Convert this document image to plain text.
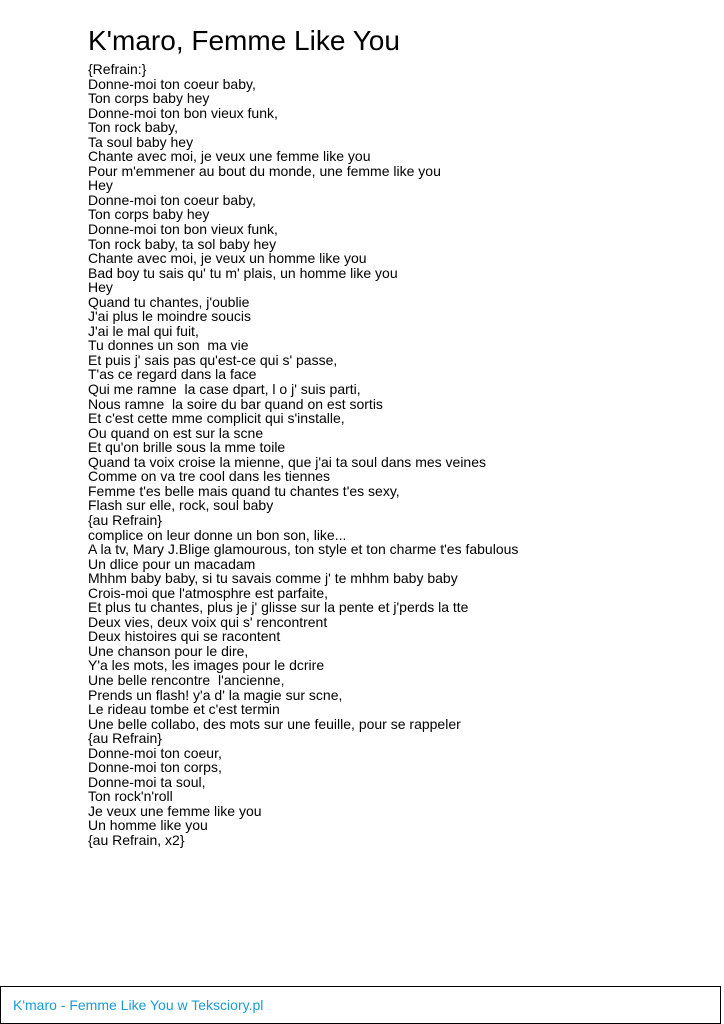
K'maro, Femme Like You
{Refrain:}
Donne-moi ton coeur baby,
Ton corps baby hey
Donne-moi ton bon vieux funk,
Ton rock baby,
Ta soul baby hey
Chante avec moi, je veux une femme like you
Pour m'emmener au bout du monde, une femme like you
Hey
Donne-moi ton coeur baby,
Ton corps baby hey
Donne-moi ton bon vieux funk,
Ton rock baby, ta sol baby hey
Chante avec moi, je veux un homme like you
Bad boy tu sais qu' tu m' plais, un homme like you
Hey
Quand tu chantes, j'oublie
J'ai plus le moindre soucis
J'ai le mal qui fuit,
Tu donnes un son  ma vie
Et puis j' sais pas qu'est-ce qui s' passe,
T'as ce regard dans la face
Qui me ramne  la case dpart, l o j' suis parti,
Nous ramne  la soire du bar quand on est sortis
Et c'est cette mme complicit qui s'installe,
Ou quand on est sur la scne
Et qu'on brille sous la mme toile
Quand ta voix croise la mienne, que j'ai ta soul dans mes veines
Comme on va tre cool dans les tiennes
Femme t'es belle mais quand tu chantes t'es sexy,
Flash sur elle, rock, soul baby
{au Refrain}
complice on leur donne un bon son, like...
A la tv, Mary J.Blige glamourous, ton style et ton charme t'es fabulous
Un dlice pour un macadam
Mhhm baby baby, si tu savais comme j' te mhhm baby baby
Crois-moi que l'atmosphre est parfaite,
Et plus tu chantes, plus je j' glisse sur la pente et j'perds la tte
Deux vies, deux voix qui s' rencontrent
Deux histoires qui se racontent
Une chanson pour le dire,
Y'a les mots, les images pour le dcrire
Une belle rencontre  l'ancienne,
Prends un flash! y'a d' la magie sur scne,
Le rideau tombe et c'est termin
Une belle collabo, des mots sur une feuille, pour se rappeler
{au Refrain}
Donne-moi ton coeur,
Donne-moi ton corps,
Donne-moi ta soul,
Ton rock'n'roll
Je veux une femme like you
Un homme like you
{au Refrain, x2}
K'maro - Femme Like You w Teksciory.pl
